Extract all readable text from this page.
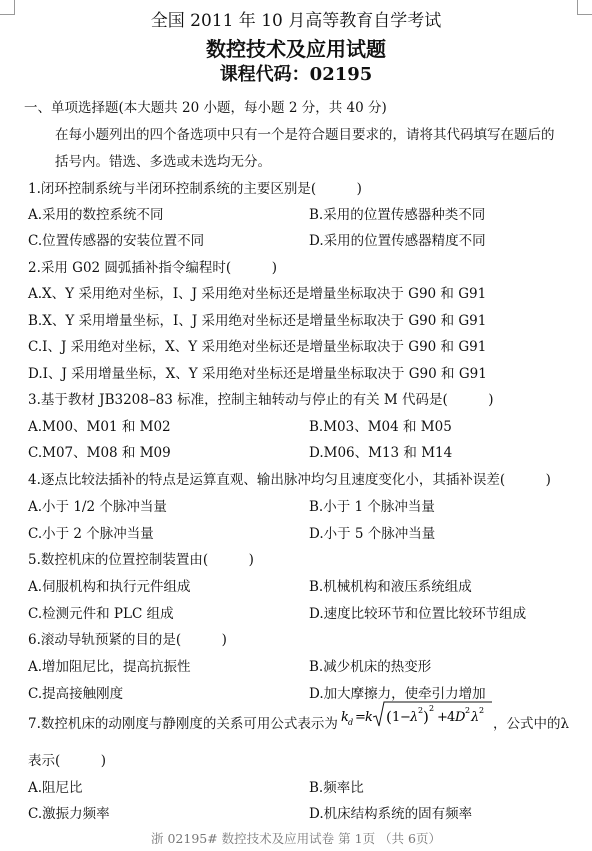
全国 2011 年 10 月高等教育自学考试
数控技术及应用试题
课程代码：02195
一、单项选择题(本大题共 20 小题，每小题 2 分，共 40 分)
在每小题列出的四个备选项中只有一个是符合题目要求的，请将其代码填写在题后的
括号内。错选、多选或未选均无分。
1.闭环控制系统与半闭环控制系统的主要区别是(　　　)
A.采用的数控系统不同	B.采用的位置传感器种类不同
C.位置传感器的安装位置不同	D.采用的位置传感器精度不同
2.采用 G02 圆弧插补指令编程时(　　　)
A.X、Y 采用绝对坐标，I、J 采用绝对坐标还是增量坐标取决于 G90 和 G91
B.X、Y 采用增量坐标，I、J 采用绝对坐标还是增量坐标取决于 G90 和 G91
C.I、J 采用绝对坐标，X、Y 采用绝对坐标还是增量坐标取决于 G90 和 G91
D.I、J 采用增量坐标，X、Y 采用绝对坐标还是增量坐标取决于 G90 和 G91
3.基于教材 JB3208–83 标准，控制主轴转动与停止的有关 M 代码是(　　　)
A.M00、M01 和 M02	B.M03、M04 和 M05
C.M07、M08 和 M09	D.M06、M13 和 M14
4.逐点比较法插补的特点是运算直观、输出脉冲均匀且速度变化小，其插补误差(　　　)
A.小于 1/2 个脉冲当量	B.小于 1 个脉冲当量
C.小于 2 个脉冲当量	D.小于 5 个脉冲当量
5.数控机床的位置控制装置由(　　　)
A.伺服机构和执行元件组成	B.机械机构和液压系统组成
C.检测元件和 PLC 组成	D.速度比较环节和位置比较环节组成
6.滚动导轨预紧的目的是(　　　)
A.增加阻尼比，提高抗振性	B.减少机床的热变形
C.提高接触刚度	D.加大摩擦力，使牵引力增加
7.数控机床的动刚度与静刚度的关系可用公式表示为 k d = k ( 1 − λ 2 ) 2
+ 4 D 2 λ 2
，公式中的λ
表示(　　　)
A.阻尼比	B.频率比
C.激振力频率	D.机床结构系统的固有频率
浙 02195# 数控技术及应用试卷 第 1页 （共 6页）
